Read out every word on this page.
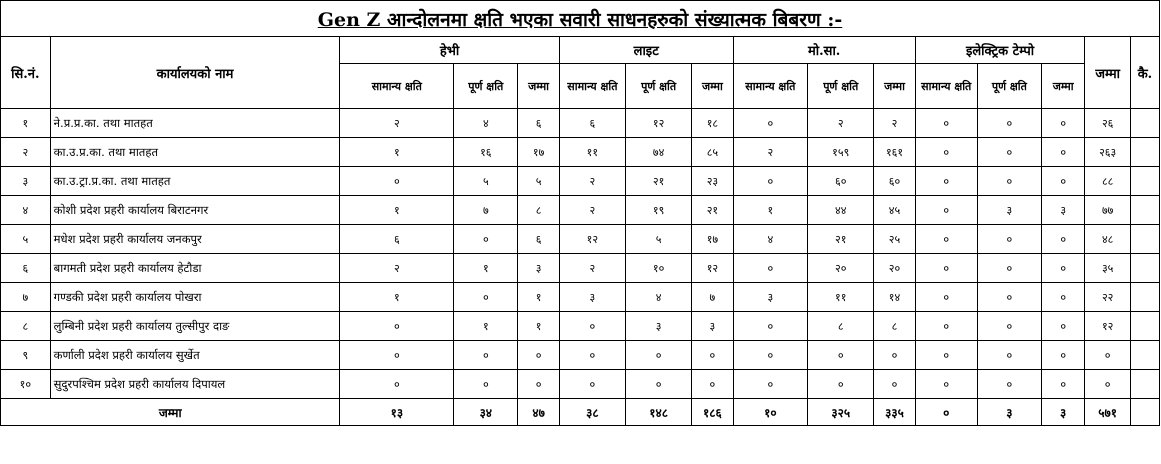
Gen Z आन्दोलनमा क्षति भएका सवारी साधनहरुको संख्यात्मक बिबरण :-															
सि.नं.	कार्यालयको नाम	हेभी			लाइट			मो.सा.			इलेक्ट्रिक टेम्पो			जम्मा	कै.
		सामान्य क्षति	पूर्ण क्षति	जम्मा	सामान्य क्षति	पूर्ण क्षति	जम्मा	सामान्य क्षति	पूर्ण क्षति	जम्मा	सामान्य क्षति	पूर्ण क्षति	जम्मा		
१	ने.प्र.प्र.का. तथा मातहत	२	४	६	६	१२	१८	०	२	२	०	०	०	२६	
२	का.उ.प्र.का. तथा मातहत	१	१६	१७	११	७४	८५	२	१५९	१६१	०	०	०	२६३	
३	का.उ.ट्रा.प्र.का. तथा मातहत	०	५	५	२	२१	२३	०	६०	६०	०	०	०	८८	
४	कोशी प्रदेश प्रहरी कार्यालय बिराटनगर	१	७	८	२	१९	२१	१	४४	४५	०	३	३	७७	
५	मधेश प्रदेश प्रहरी कार्यालय जनकपुर	६	०	६	१२	५	१७	४	२१	२५	०	०	०	४८	
६	बागमती प्रदेश प्रहरी कार्यालय हेटौडा	२	१	३	२	१०	१२	०	२०	२०	०	०	०	३५	
७	गण्डकी प्रदेश प्रहरी कार्यालय पोखरा	१	०	१	३	४	७	३	११	१४	०	०	०	२२	
८	लुम्बिनी प्रदेश प्रहरी कार्यालय तुल्सीपुर दाङ	०	१	१	०	३	३	०	८	८	०	०	०	१२	
९	कर्णाली प्रदेश प्रहरी कार्यालय सुर्खेत	०	०	०	०	०	०	०	०	०	०	०	०	०	
१०	सुदुरपश्चिम प्रदेश प्रहरी कार्यालय दिपायल	०	०	०	०	०	०	०	०	०	०	०	०	०	
जम्मा		१३	३४	४७	३८	१४८	१८६	१०	३२५	३३५	०	३	३	५७१	
